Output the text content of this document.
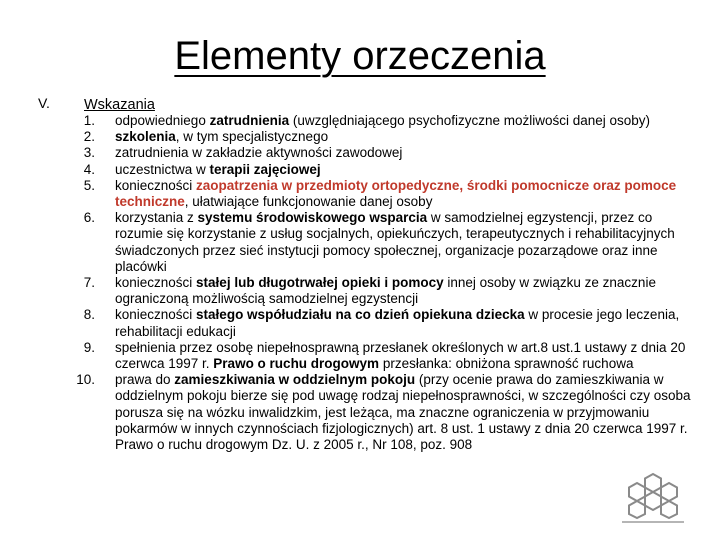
Elementy orzeczenia
V. Wskazania
1. odpowiedniego zatrudnienia (uwzględniającego psychofizyczne możliwości danej osoby)
2. szkolenia, w tym specjalistycznego
3. zatrudnienia w zakładzie aktywności zawodowej
4. uczestnictwa w terapii zajęciowej
5. konieczności zaopatrzenia w przedmioty ortopedyczne, środki pomocnicze oraz pomoce techniczne, ułatwiające funkcjonowanie danej osoby
6. korzystania z systemu środowiskowego wsparcia w samodzielnej egzystencji, przez co rozumie się korzystanie z usług socjalnych, opiekuńczych, terapeutycznych i rehabilitacyjnych świadczonych przez sieć instytucji pomocy społecznej, organizacje pozarządowe oraz inne placówki
7. konieczności stałej lub długotrwałej opieki i pomocy innej osoby w związku ze znacznie ograniczoną możliwością samodzielnej egzystencji
8. konieczności stałego współudziału na co dzień opiekuna dziecka w procesie jego leczenia, rehabilitacji edukacji
9. spełnienia przez osobę niepełnosprawną przesłanek określonych w art.8 ust.1 ustawy z dnia 20 czerwca 1997 r. Prawo o ruchu drogowym przesłanka: obniżona sprawność ruchowa
10. prawa do zamieszkiwania w oddzielnym pokoju (przy ocenie prawa do zamieszkiwania w oddzielnym pokoju bierze się pod uwagę rodzaj niepełnosprawności, w szczególności czy osoba porusza się na wózku inwalidzkim, jest leżąca, ma znaczne ograniczenia w przyjmowaniu pokarmów w innych czynnościach fizjologicznych) art. 8 ust. 1 ustawy z dnia 20 czerwca 1997 r. Prawo o ruchu drogowym Dz. U. z 2005 r., Nr 108, poz. 908
